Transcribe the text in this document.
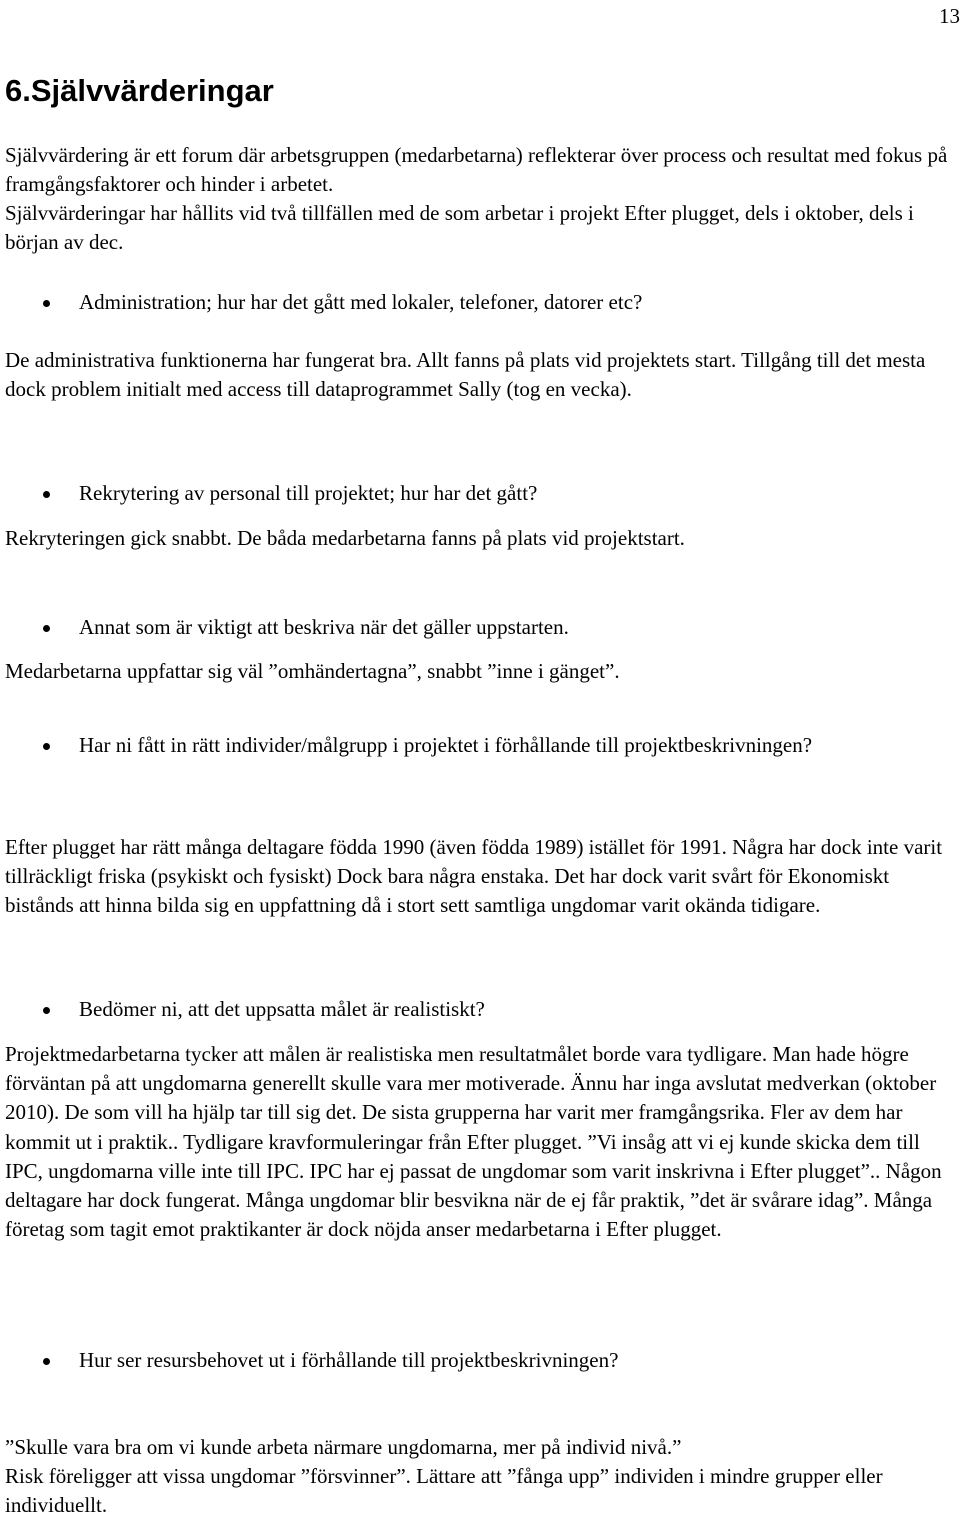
13
6.Självvärderingar

Självvärdering är ett forum där arbetsgruppen (medarbetarna) reflekterar över process och resultat med fokus på framgångsfaktorer och hinder i arbetet.

Självvärderingar har hållits vid två tillfällen med de som arbetar i projekt Efter plugget, dels i oktober, dels i början av dec.

Administration; hur har det gått med lokaler, telefoner, datorer etc?

De administrativa funktionerna har fungerat bra. Allt fanns på plats vid projektets start. Tillgång till det mesta dock problem initialt med access till dataprogrammet Sally (tog en vecka).

Rekrytering av personal till projektet; hur har det gått?

Rekryteringen gick snabbt. De båda medarbetarna fanns på plats vid projektstart.

Annat som är viktigt att beskriva när det gäller uppstarten.

Medarbetarna uppfattar sig väl ”omhändertagna”, snabbt ”inne i gänget”.

Har ni fått in rätt individer/målgrupp i projektet i förhållande till projektbeskrivningen?

Efter plugget har rätt många deltagare födda 1990 (även födda 1989) istället för 1991. Några har dock inte varit tillräckligt friska (psykiskt och fysiskt) Dock bara några enstaka. Det har dock varit svårt för Ekonomiskt bistånds att hinna bilda sig en uppfattning då i stort sett samtliga ungdomar varit okända tidigare.

Bedömer ni, att det uppsatta målet är realistiskt?

Projektmedarbetarna tycker att målen är realistiska men resultatmålet borde vara tydligare. Man hade högre förväntan på att ungdomarna generellt skulle vara mer motiverade. Ännu har inga avslutat medverkan (oktober 2010). De som vill ha hjälp tar till sig det. De sista grupperna har varit mer framgångsrika. Fler av dem har kommit ut i praktik.. Tydligare kravformuleringar från Efter plugget. ”Vi insåg att vi ej kunde skicka dem till IPC, ungdomarna ville inte till IPC. IPC har ej passat de ungdomar som varit inskrivna i Efter plugget”.. Någon deltagare har dock fungerat. Många ungdomar blir besvikna när de ej får praktik, ”det är svårare idag”. Många företag som tagit emot praktikanter är dock nöjda anser medarbetarna i Efter plugget.

Hur ser resursbehovet ut i förhållande till projektbeskrivningen?

”Skulle vara bra om vi kunde arbeta närmare ungdomarna, mer på individ nivå.”

Risk föreligger att vissa ungdomar ”försvinner”. Lättare att ”fånga upp” individen i mindre grupper eller individuellt.
